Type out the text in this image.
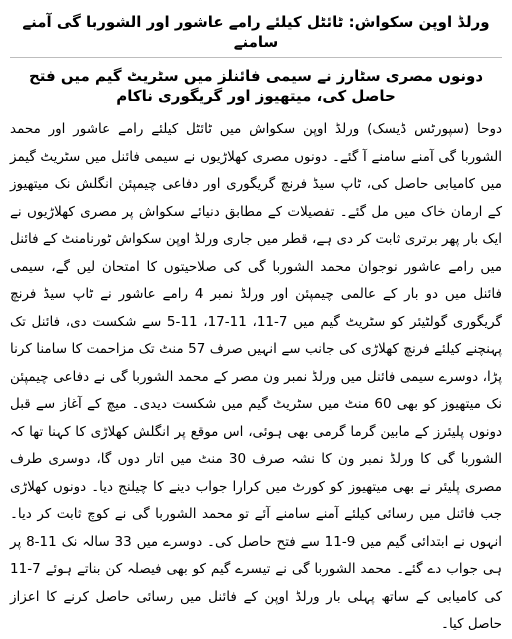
ورلڈ اوپن سکواش: ٹائٹل کیلئے رامے عاشور اور الشوربا گی آمنے سامنے
دونوں مصری سٹارز نے سیمی فائنلز میں سٹریٹ گیم میں فتح حاصل کی، میتھیوز اور گریگوری ناکام

دوحا (سپورٹس ڈیسک) ورلڈ اوپن سکواش میں ٹائٹل کیلئے رامے عاشور اور محمد الشوربا گی آمنے سامنے آ گئے۔ دونوں مصری کھلاڑیوں نے سیمی فائنل میں سٹریٹ گیمز میں کامیابی حاصل کی، ٹاپ سیڈ فرنچ گریگوری اور دفاعی چیمپئن انگلش نک میتھیوز کے ارمان خاک میں مل گئے۔ تفصیلات کے مطابق دنیائے سکواش پر مصری کھلاڑیوں نے ایک بار پھر برتری ثابت کر دی ہے، قطر میں جاری ورلڈ اوپن سکواش ٹورنامنٹ کے فائنل میں رامے عاشور نوجوان محمد الشوربا گی کی صلاحیتوں کا امتحان لیں گے، سیمی فائنل میں دو بار کے عالمی چیمپئن اور ورلڈ نمبر 4 رامے عاشور نے ٹاپ سیڈ فرنچ گریگوری گولٹیئر کو سٹریٹ گیم میں 7-11، 11-17، 11-5 سے شکست دی، فائنل تک پہنچنے کیلئے فرنچ کھلاڑی کی جانب سے انہیں صرف 57 منٹ تک مزاحمت کا سامنا کرنا پڑا، دوسرے سیمی فائنل میں ورلڈ نمبر ون مصر کے محمد الشوربا گی نے دفاعی چیمپئن نک میتھیوز کو بھی 60 منٹ میں سٹریٹ گیم میں شکست دیدی۔ میچ کے آغاز سے قبل دونوں پلیئرز کے مابین گرما گرمی بھی ہوئی، اس موقع پر انگلش کھلاڑی کا کہنا تھا کہ الشوربا گی کا ورلڈ نمبر ون کا نشہ صرف 30 منٹ میں اتار دوں گا، دوسری طرف مصری پلیئر نے بھی میتھیوز کو کورٹ میں کرارا جواب دینے کا چیلنج دیا۔ دونوں کھلاڑی جب فائنل میں رسائی کیلئے آمنے سامنے آئے تو محمد الشوربا گی نے کوچ ثابت کر دیا۔ انہوں نے ابتدائی گیم میں 9-11 سے فتح حاصل کی۔ دوسرے میں 33 سالہ نک 11-8 پر ہی جواب دے گئے۔ محمد الشوربا گی نے تیسرے گیم کو بھی فیصلہ کن بناتے ہوئے 7-11 کی کامیابی کے ساتھ پہلی بار ورلڈ اوپن کے فائنل میں رسائی حاصل کرنے کا اعزاز حاصل کیا۔
